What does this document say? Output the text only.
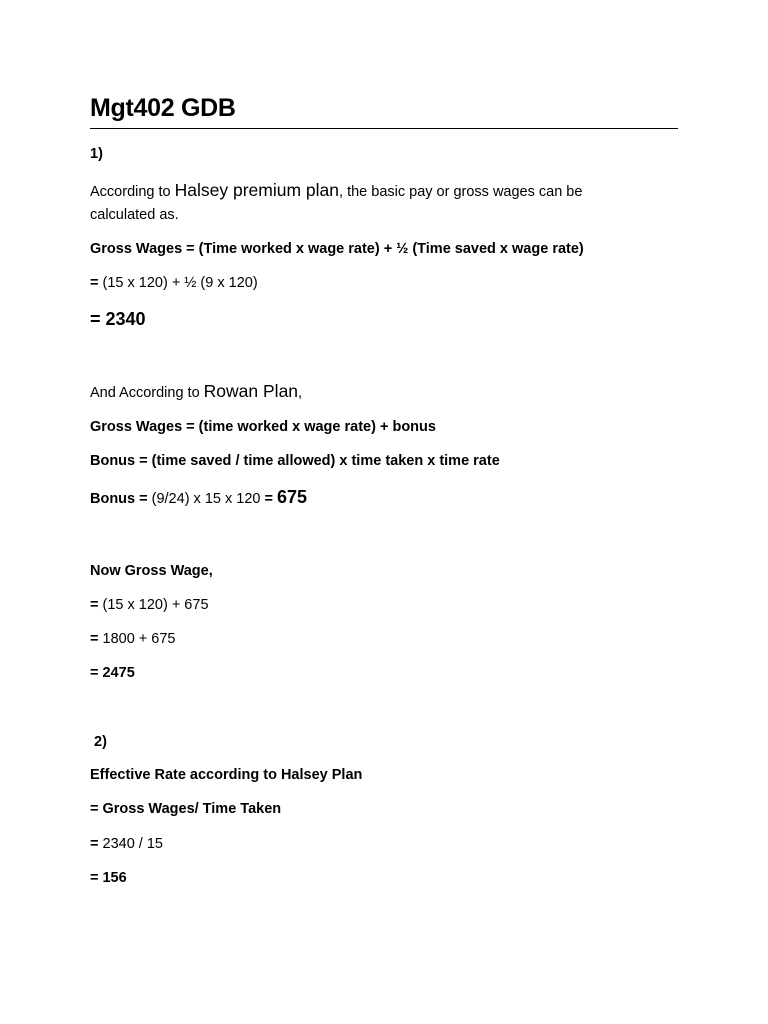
Mgt402 GDB
1)
According to Halsey premium plan, the basic pay or gross wages can be
calculated as.
Gross Wages = (Time worked x wage rate) + ½ (Time saved x wage rate)
= (15 x 120) + ½ (9 x 120)
= 2340
And According to Rowan Plan,
Gross Wages = (time worked x wage rate) + bonus
Bonus = (time saved / time allowed) x time taken x time rate
Bonus = (9/24) x 15 x 120 = 675
Now Gross Wage,
= (15 x 120) + 675
= 1800 + 675
= 2475
2)
Effective Rate according to Halsey Plan
= Gross Wages/ Time Taken
= 2340 / 15
= 156
